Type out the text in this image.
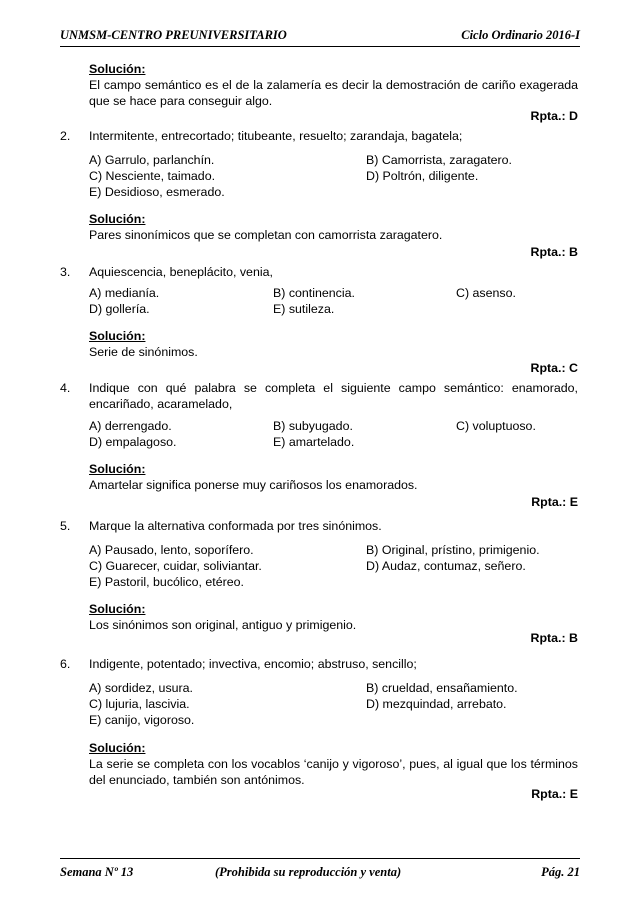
UNMSM-CENTRO PREUNIVERSITARIO	Ciclo Ordinario 2016-I
Solución:
El campo semántico es el de la zalamería es decir la demostración de cariño exagerada que se hace para conseguir algo.
Rpta.: D
2. Intermitente, entrecortado; titubeante, resuelto; zarandaja, bagatela;
A) Garrulo, parlanchín.	B) Camorrista, zaragatero.
C) Nesciente, taimado.	D) Poltrón, diligente.
E) Desidioso, esmerado.
Solución:
Pares sinonímicos que se completan con camorrista zaragatero.
Rpta.: B
3. Aquiescencia, beneplácito, venia,
A) medianía.	B) continencia.	C) asenso.
D) gollería.	E) sutileza.
Solución:
Serie de sinónimos.
Rpta.: C
4. Indique con qué palabra se completa el siguiente campo semántico: enamorado, encariñado, acaramelado,
A) derrengado.	B) subyugado.	C) voluptuoso.
D) empalagoso.	E) amartelado.
Solución:
Amartelar significa ponerse muy cariñosos los enamorados.
Rpta.: E
5. Marque la alternativa conformada por tres sinónimos.
A) Pausado, lento, soporífero.	B) Original, prístino, primigenio.
C) Guarecer, cuidar, soliviantar.	D) Audaz, contumaz, señero.
E) Pastoril, bucólico, etéreo.
Solución:
Los sinónimos son original, antiguo y primigenio.
Rpta.: B
6. Indigente, potentado; invectiva, encomio; abstruso, sencillo;
A) sordidez, usura.	B) crueldad, ensañamiento.
C) lujuria, lascivia.	D) mezquindad, arrebato.
E) canijo, vigoroso.
Solución:
La serie se completa con los vocablos ‘canijo y vigoroso’, pues, al igual que los términos del enunciado, también son antónimos.
Rpta.: E
Semana Nº 13	(Prohibida su reproducción y venta)	Pág. 21
